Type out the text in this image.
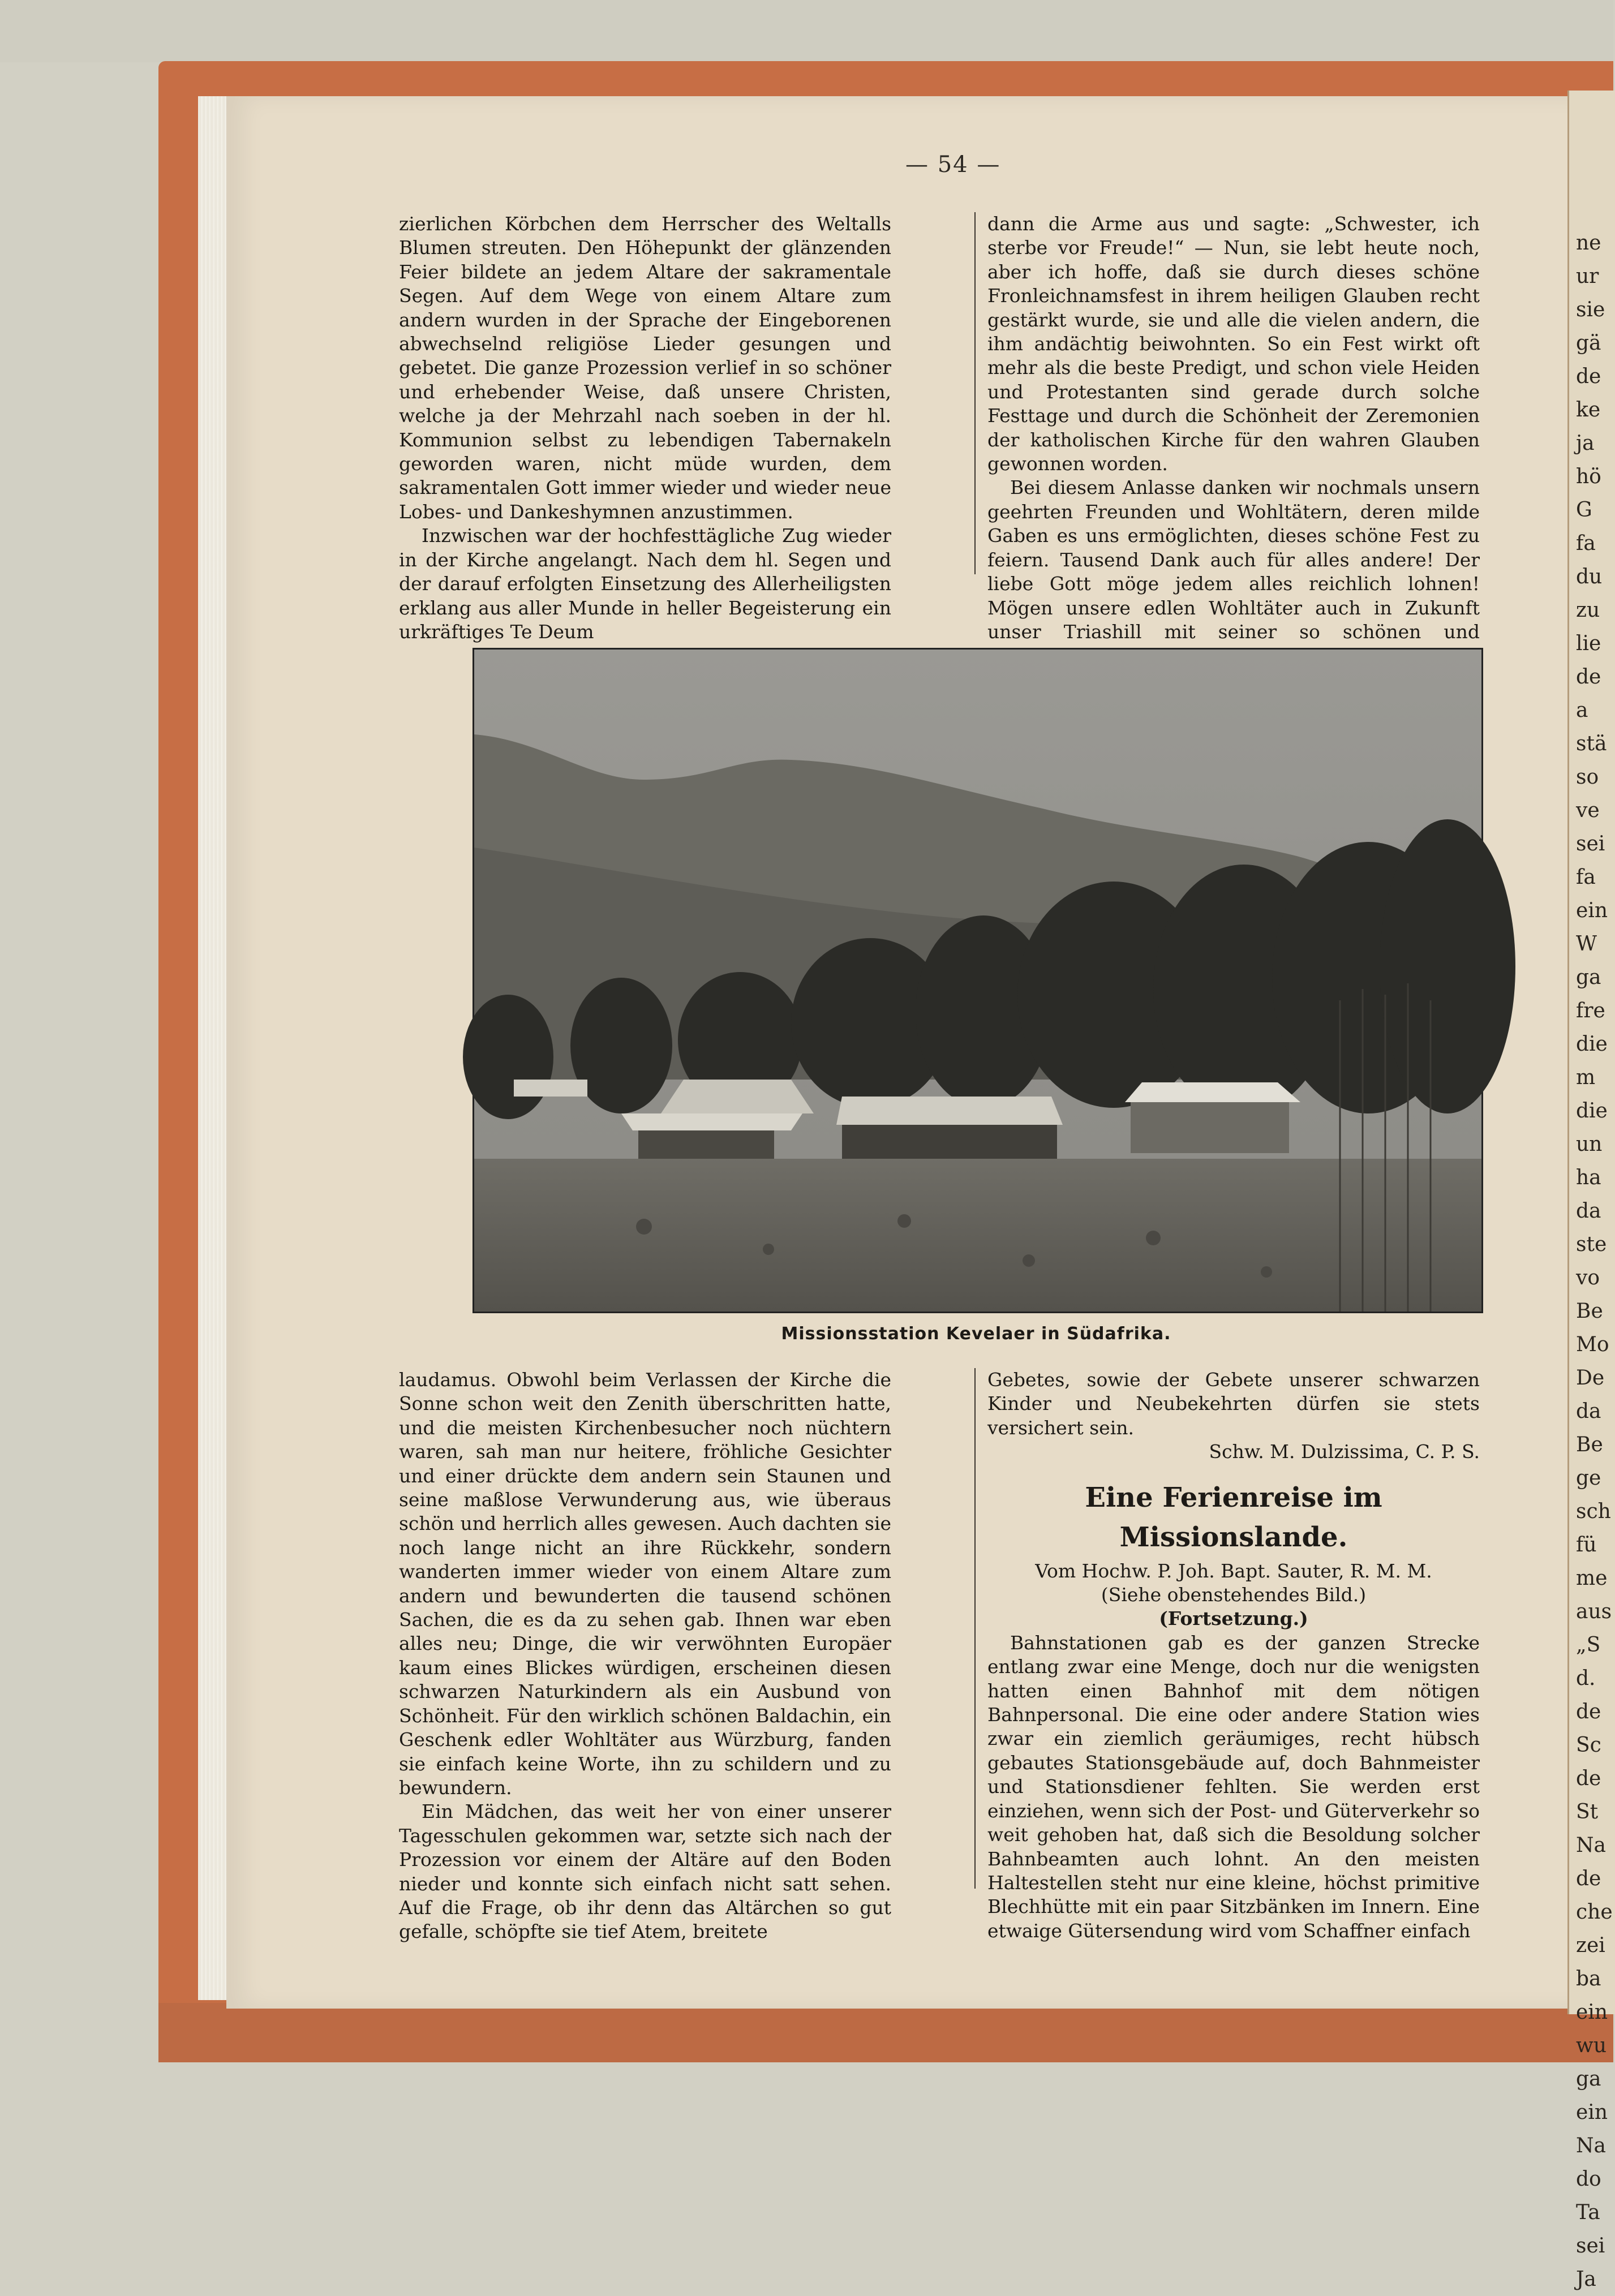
ne
ur
sie
gä
de
ke
ja
hö
G
fa
du
zu
lie
de
a
stä
so
ve
sei
fa
ein
W
ga
fre
die
m
die
un
ha
da
ste
vo
Be
Mo
De
da
Be
ge
sch
fü
me
aus
„S
d.
de
Sc
de
St
Na
de
che
zei
ba
ein
wu
ga
ein
Na
do
Ta
sei
Ja
— 54 —

zierlichen Körbchen dem Herrscher des Weltalls Blumen streuten. Den Höhepunkt der glänzenden Feier bildete an jedem Altare der sakramentale Segen. Auf dem Wege von einem Altare zum andern wurden in der Sprache der Eingeborenen abwechselnd religiöse Lieder gesungen und gebetet. Die ganze Prozession verlief in so schöner und erhebender Weise, daß unsere Christen, welche ja der Mehrzahl nach soeben in der hl. Kommunion selbst zu lebendigen Tabernakeln geworden waren, nicht müde wurden, dem sakramentalen Gott immer wieder und wieder neue Lobes- und Dankeshymnen anzustimmen.

Inzwischen war der hochfesttägliche Zug wieder in der Kirche angelangt. Nach dem hl. Segen und der darauf erfolgten Einsetzung des Allerheiligsten erklang aus aller Munde in heller Begeisterung ein urkräftiges Te Deum

dann die Arme aus und sagte: „Schwester, ich sterbe vor Freude!“ — Nun, sie lebt heute noch, aber ich hoffe, daß sie durch dieses schöne Fronleichnamsfest in ihrem heiligen Glauben recht gestärkt wurde, sie und alle die vielen andern, die ihm andächtig beiwohnten. So ein Fest wirkt oft mehr als die beste Predigt, und schon viele Heiden und Protestanten sind gerade durch solche Festtage und durch die Schönheit der Zeremonien der katholischen Kirche für den wahren Glauben gewonnen worden.

Bei diesem Anlasse danken wir nochmals unsern geehrten Freunden und Wohltätern, deren milde Gaben es uns ermöglichten, dieses schöne Fest zu feiern. Tausend Dank auch für alles andere! Der liebe Gott möge jedem alles reichlich lohnen! Mögen unsere edlen Wohltäter auch in Zukunft unser Triashill mit seiner so schönen und

Missionsstation Kevelaer in Südafrika.

laudamus. Obwohl beim Verlassen der Kirche die Sonne schon weit den Zenith überschritten hatte, und die meisten Kirchenbesucher noch nüchtern waren, sah man nur heitere, fröhliche Gesichter und einer drückte dem andern sein Staunen und seine maßlose Verwunderung aus, wie überaus schön und herrlich alles gewesen. Auch dachten sie noch lange nicht an ihre Rückkehr, sondern wanderten immer wieder von einem Altare zum andern und bewunderten die tausend schönen Sachen, die es da zu sehen gab. Ihnen war eben alles neu; Dinge, die wir verwöhnten Europäer kaum eines Blickes würdigen, erscheinen diesen schwarzen Naturkindern als ein Ausbund von Schönheit. Für den wirklich schönen Baldachin, ein Geschenk edler Wohltäter aus Würzburg, fanden sie einfach keine Worte, ihn zu schildern und zu bewundern.

Ein Mädchen, das weit her von einer unserer Tagesschulen gekommen war, setzte sich nach der Prozession vor einem der Altäre auf den Boden nieder und konnte sich einfach nicht satt sehen. Auf die Frage, ob ihr denn das Altärchen so gut gefalle, schöpfte sie tief Atem, breitete

Gebetes, sowie der Gebete unserer schwarzen Kinder und Neubekehrten dürfen sie stets versichert sein.

Schw. M. Dulzissima, C. P. S.

Eine Ferienreise im Missionslande.

Vom Hochw. P. Joh. Bapt. Sauter, R. M. M.

(Siehe obenstehendes Bild.)

(Fortsetzung.)

Bahnstationen gab es der ganzen Strecke entlang zwar eine Menge, doch nur die wenigsten hatten einen Bahnhof mit dem nötigen Bahnpersonal. Die eine oder andere Station wies zwar ein ziemlich geräumiges, recht hübsch gebautes Stationsgebäude auf, doch Bahnmeister und Stationsdiener fehlten. Sie werden erst einziehen, wenn sich der Post- und Güterverkehr so weit gehoben hat, daß sich die Besoldung solcher Bahnbeamten auch lohnt. An den meisten Haltestellen steht nur eine kleine, höchst primitive Blechhütte mit ein paar Sitzbänken im Innern. Eine etwaige Gütersendung wird vom Schaffner einfach
